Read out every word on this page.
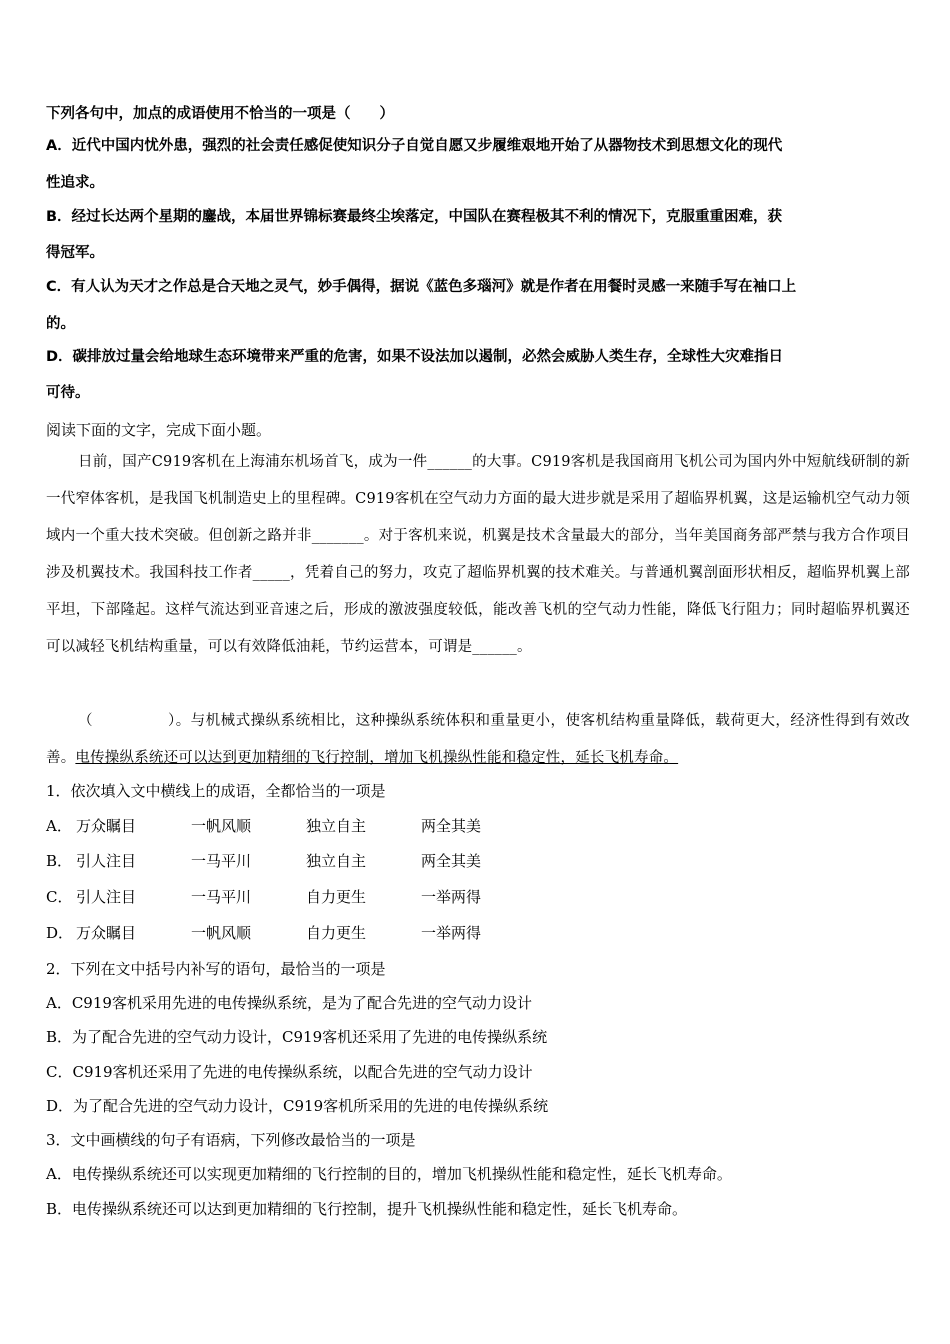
下列各句中，加点的成语使用不恰当的一项是（　　）
A．近代中国内忧外患，强烈的社会责任感促使知识分子自觉自愿又步履维艰地开始了从器物技术到思想文化的现代
性追求。
B．经过长达两个星期的鏖战，本届世界锦标赛最终尘埃落定，中国队在赛程极其不利的情况下，克服重重困难，获
得冠军。
C．有人认为天才之作总是合天地之灵气，妙手偶得，据说《蓝色多瑙河》就是作者在用餐时灵感一来随手写在袖口上
的。
D．碳排放过量会给地球生态环境带来严重的危害，如果不设法加以遏制，必然会威胁人类生存，全球性大灾难指日
可待。
阅读下面的文字，完成下面小题。
日前，国产C919客机在上海浦东机场首飞，成为一件______的大事。C919客机是我国商用飞机公司为国内外中短航线研制的新一代窄体客机，是我国飞机制造史上的里程碑。C919客机在空气动力方面的最大进步就是采用了超临界机翼，这是运输机空气动力领域内一个重大技术突破。但创新之路并非_______。对于客机来说，机翼是技术含量最大的部分，当年美国商务部严禁与我方合作项目涉及机翼技术。我国科技工作者_____，凭着自己的努力，攻克了超临界机翼的技术难关。与普通机翼剖面形状相反，超临界机翼上部平坦，下部隆起。这样气流达到亚音速之后，形成的激波强度较低，能改善飞机的空气动力性能，降低飞行阻力；同时超临界机翼还可以减轻飞机结构重量，可以有效降低油耗，节约运营本，可谓是______。
（　　　　　）。与机械式操纵系统相比，这种操纵系统体积和重量更小，使客机结构重量降低，载荷更大，经济性得到有效改善。电传操纵系统还可以达到更加精细的飞行控制，增加飞机操纵性能和稳定性，延长飞机寿命。
1．依次填入文中横线上的成语，全都恰当的一项是
A． 万众瞩目	一帆风顺	独立自主	两全其美
B． 引人注目	一马平川	独立自主	两全其美
C． 引人注目	一马平川	自力更生	一举两得
D． 万众瞩目	一帆风顺	自力更生	一举两得
2．下列在文中括号内补写的语句，最恰当的一项是
A．C919客机采用先进的电传操纵系统，是为了配合先进的空气动力设计
B．为了配合先进的空气动力设计，C919客机还采用了先进的电传操纵系统
C．C919客机还采用了先进的电传操纵系统，以配合先进的空气动力设计
D．为了配合先进的空气动力设计，C919客机所采用的先进的电传操纵系统
3．文中画横线的句子有语病，下列修改最恰当的一项是
A．电传操纵系统还可以实现更加精细的飞行控制的目的，增加飞机操纵性能和稳定性，延长飞机寿命。
B．电传操纵系统还可以达到更加精细的飞行控制，提升飞机操纵性能和稳定性，延长飞机寿命。
